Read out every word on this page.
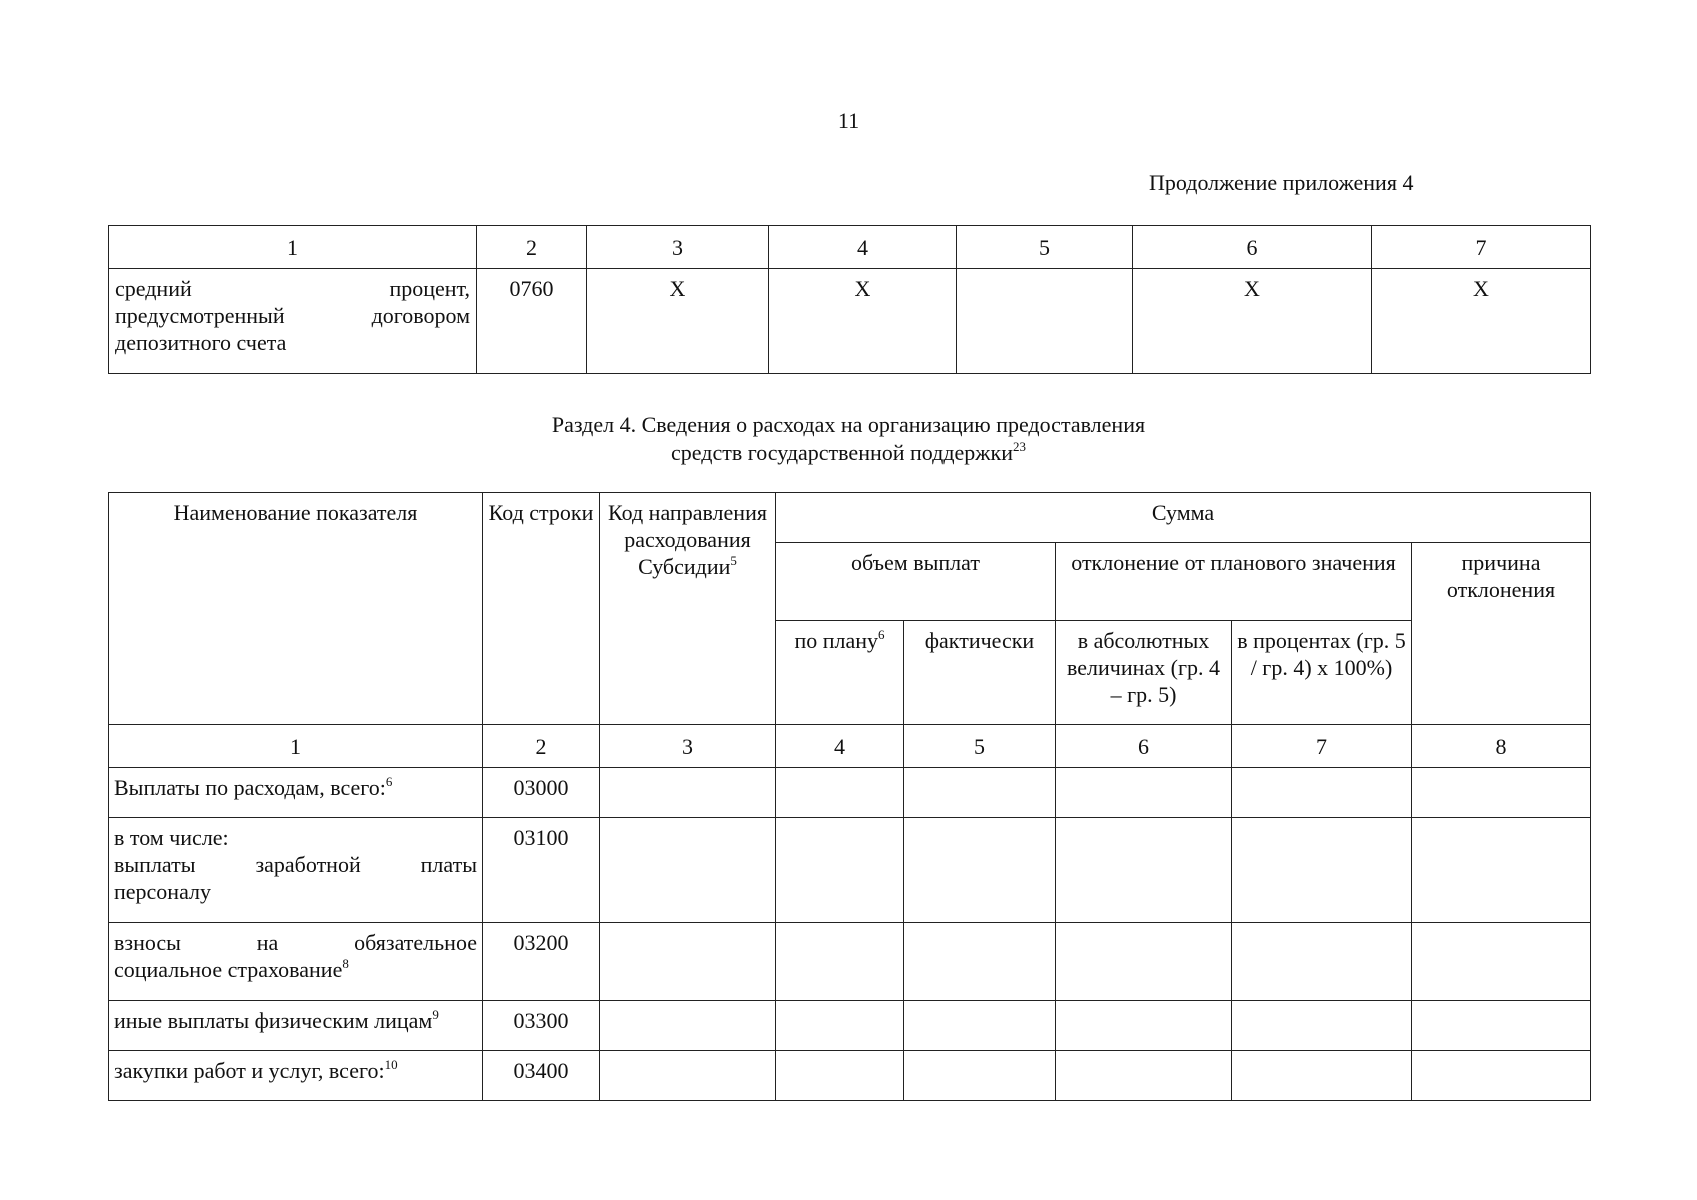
11
Продолжение приложения 4
1	2	3	4	5	6	7

средний процент,
предусмотренный договором
депозитного счета	0760	X	X		X	X
Раздел 4. Сведения о расходах на организацию предоставления
средств государственной поддержки$^{23}$
Наименование показателя	Код строки	Код направления расходования Субсидии$^5$	Сумма				
			объем выплат		отклонение от планового значения		причина отклонения
			по плану$^6$	фактически	в абсолютных величинах (гр. 4 – гр. 5)	в процентах (гр. 5 / гр. 4) х 100%)	
1	2	3	4	5	6	7	8
Выплаты по расходам, всего:$^6$	03000						

в том числе:
выплаты заработной платы
персоналу	03100						

взносы на обязательное
социальное страхование$^8$	03200						
иные выплаты физическим лицам$^9$	03300						
закупки работ и услуг, всего:$^{10}$	03400						
